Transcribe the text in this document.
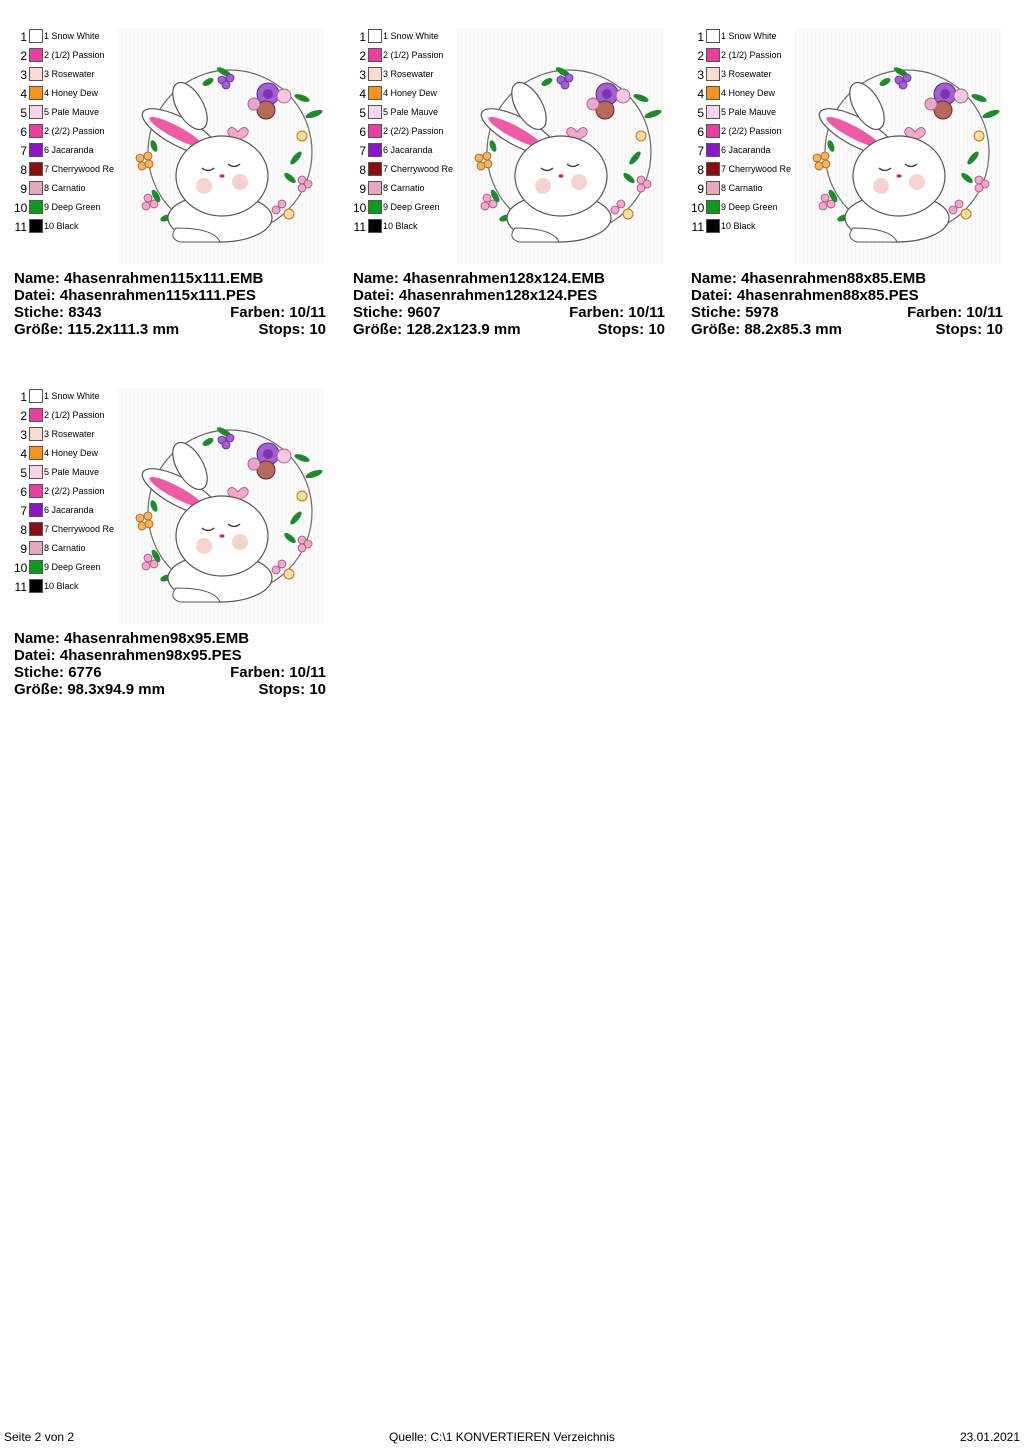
1 1 Snow White
2 2 (1/2) Passion
3 3 Rosewater
4 4 Honey Dew
5 5 Pale Mauve
6 2 (2/2) Passion
7 6 Jacaranda
8 7 Cherrywood Re
9 8 Carnatio
10 9 Deep Green
11 10 Black
Name: 4hasenrahmen115x111.EMB
Datei: 4hasenrahmen115x111.PES
Stiche: 8343	Farben: 10/11
Größe: 115.2x111.3 mm	Stops: 10
1 1 Snow White
2 2 (1/2) Passion
3 3 Rosewater
4 4 Honey Dew
5 5 Pale Mauve
6 2 (2/2) Passion
7 6 Jacaranda
8 7 Cherrywood Re
9 8 Carnatio
10 9 Deep Green
11 10 Black
Name: 4hasenrahmen128x124.EMB
Datei: 4hasenrahmen128x124.PES
Stiche: 9607	Farben: 10/11
Größe: 128.2x123.9 mm	Stops: 10
1 1 Snow White
2 2 (1/2) Passion
3 3 Rosewater
4 4 Honey Dew
5 5 Pale Mauve
6 2 (2/2) Passion
7 6 Jacaranda
8 7 Cherrywood Re
9 8 Carnatio
10 9 Deep Green
11 10 Black
Name: 4hasenrahmen88x85.EMB
Datei: 4hasenrahmen88x85.PES
Stiche: 5978	Farben: 10/11
Größe: 88.2x85.3 mm	Stops: 10
1 1 Snow White
2 2 (1/2) Passion
3 3 Rosewater
4 4 Honey Dew
5 5 Pale Mauve
6 2 (2/2) Passion
7 6 Jacaranda
8 7 Cherrywood Re
9 8 Carnatio
10 9 Deep Green
11 10 Black
Name: 4hasenrahmen98x95.EMB
Datei: 4hasenrahmen98x95.PES
Stiche: 6776	Farben: 10/11
Größe: 98.3x94.9 mm	Stops: 10
Seite 2 von 2	Quelle: C:\1 KONVERTIEREN Verzeichnis	23.01.2021
